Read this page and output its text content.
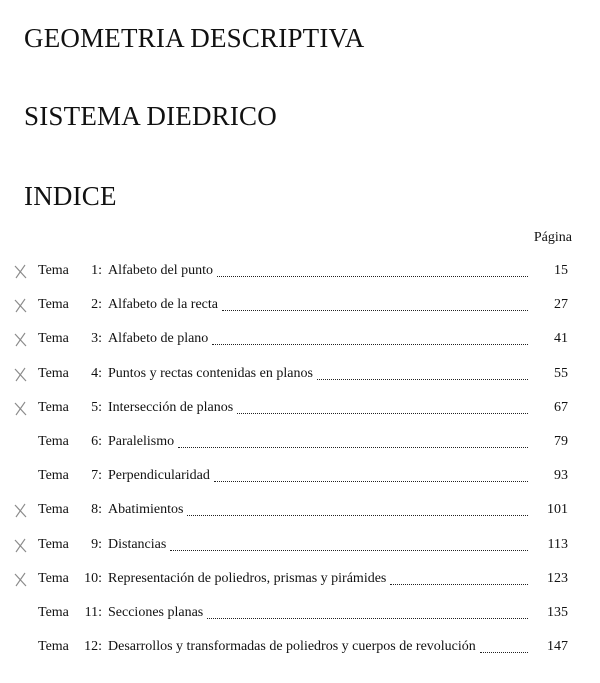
GEOMETRIA DESCRIPTIVA
SISTEMA DIEDRICO
INDICE
Página
Tema	1: Alfabeto del punto	15
Tema	2: Alfabeto de la recta	27
Tema	3: Alfabeto de plano	41
Tema	4: Puntos y rectas contenidas en planos	55
Tema	5: Intersección de planos	67
Tema	6: Paralelismo	79
Tema	7: Perpendicularidad	93
Tema	8: Abatimientos	101
Tema	9: Distancias	113
Tema	10: Representación de poliedros, prismas y pirámides	123
Tema	11: Secciones planas	135
Tema	12: Desarrollos y transformadas de poliedros y cuerpos de revolución	147
